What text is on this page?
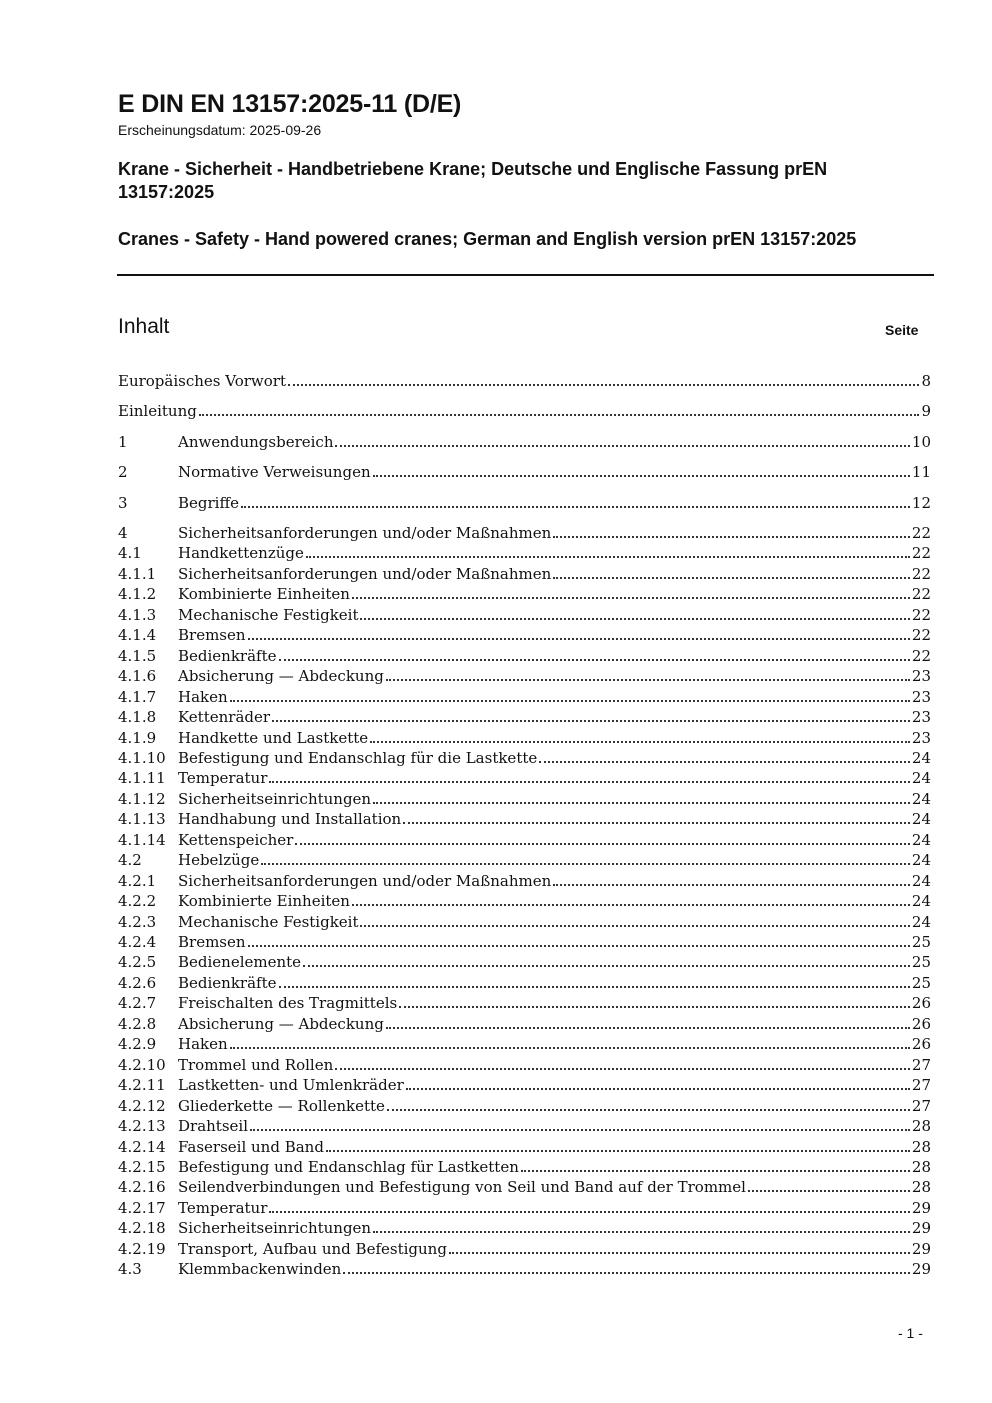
E DIN EN 13157:2025-11 (D/E)
Erscheinungsdatum: 2025-09-26
Krane - Sicherheit - Handbetriebene Krane; Deutsche und Englische Fassung prEN 13157:2025
Cranes - Safety - Hand powered cranes; German and English version prEN 13157:2025
Inhalt	Seite
Europäisches Vorwort	8
Einleitung	9
1	Anwendungsbereich	10
2	Normative Verweisungen	11
3	Begriffe	12
4	Sicherheitsanforderungen und/oder Maßnahmen	22
4.1	Handkettenzüge	22
4.1.1	Sicherheitsanforderungen und/oder Maßnahmen	22
4.1.2	Kombinierte Einheiten	22
4.1.3	Mechanische Festigkeit	22
4.1.4	Bremsen	22
4.1.5	Bedienkräfte	22
4.1.6	Absicherung — Abdeckung	23
4.1.7	Haken	23
4.1.8	Kettenräder	23
4.1.9	Handkette und Lastkette	23
4.1.10 Befestigung und Endanschlag für die Lastkette	24
4.1.11 Temperatur	24
4.1.12 Sicherheitseinrichtungen	24
4.1.13 Handhabung und Installation	24
4.1.14 Kettenspeicher	24
4.2	Hebelzüge	24
4.2.1	Sicherheitsanforderungen und/oder Maßnahmen	24
4.2.2	Kombinierte Einheiten	24
4.2.3	Mechanische Festigkeit	24
4.2.4	Bremsen	25
4.2.5	Bedienelemente	25
4.2.6	Bedienkräfte	25
4.2.7	Freischalten des Tragmittels	26
4.2.8	Absicherung — Abdeckung	26
4.2.9	Haken	26
4.2.10 Trommel und Rollen	27
4.2.11 Lastketten- und Umlenkräder	27
4.2.12 Gliederkette — Rollenkette	27
4.2.13 Drahtseil	28
4.2.14 Faserseil und Band	28
4.2.15 Befestigung und Endanschlag für Lastketten	28
4.2.16 Seilendverbindungen und Befestigung von Seil und Band auf der Trommel	28
4.2.17 Temperatur	29
4.2.18 Sicherheitseinrichtungen	29
4.2.19 Transport, Aufbau und Befestigung	29
4.3	Klemmbackenwinden	29
- 1 -
